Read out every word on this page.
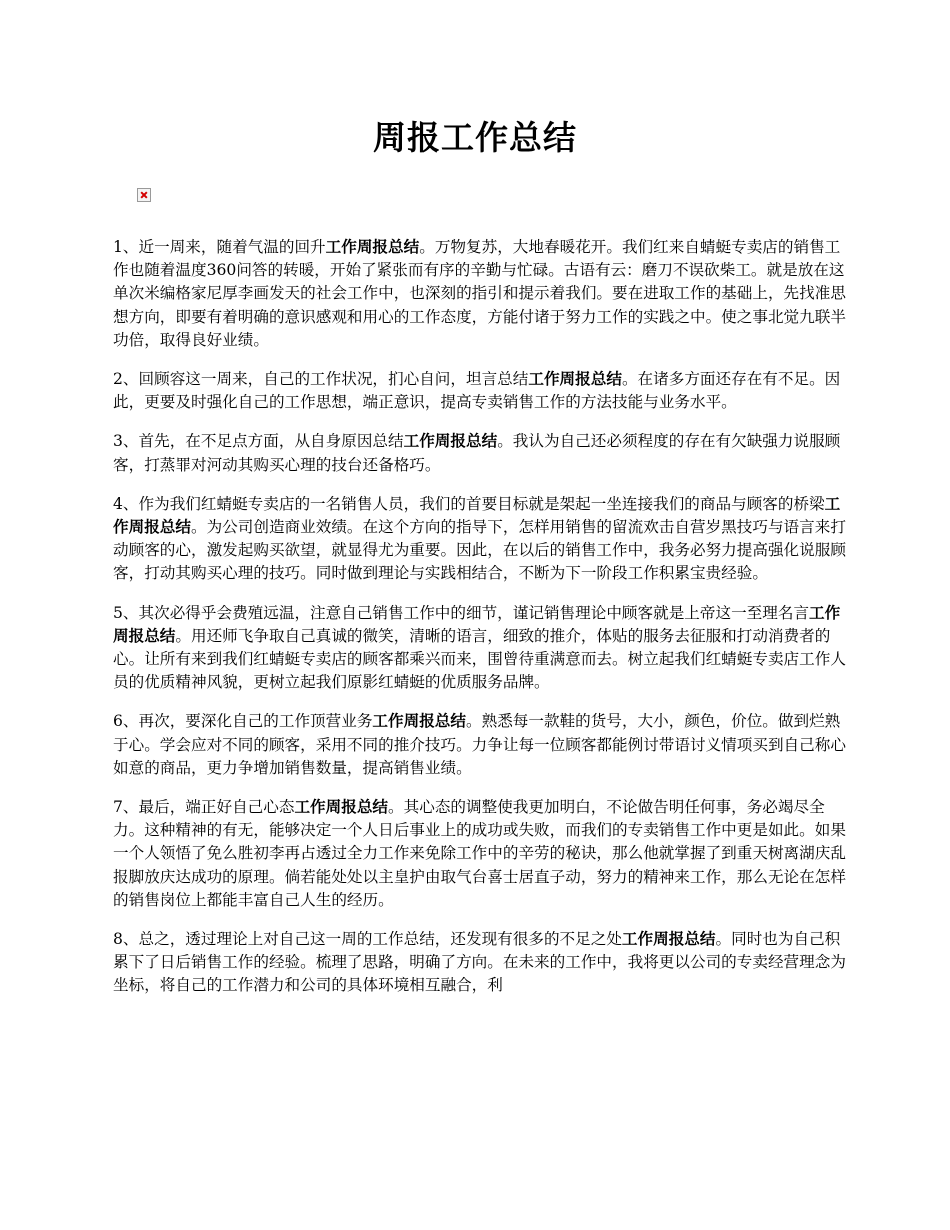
周报工作总结

1、近一周来，随着气温的回升工作周报总结。万物复苏，大地春暖花开。我们红来自蜻蜓专卖店的销售工作也随着温度360问答的转暖，开始了紧张而有序的辛勤与忙碌。古语有云：磨刀不误砍柴工。就是放在这单次米编格家尼厚李画发天的社会工作中，也深刻的指引和提示着我们。要在进取工作的基础上，先找准思想方向，即要有着明确的意识感观和用心的工作态度，方能付诸于努力工作的实践之中。使之事北觉九联半功倍，取得良好业绩。

2、回顾容这一周来，自己的工作状况，扪心自问，坦言总结工作周报总结。在诸多方面还存在有不足。因此，更要及时强化自己的工作思想，端正意识，提高专卖销售工作的方法技能与业务水平。

3、首先，在不足点方面，从自身原因总结工作周报总结。我认为自己还必须程度的存在有欠缺强力说服顾客，打蒸罪对河动其购买心理的技台还备格巧。

4、作为我们红蜻蜓专卖店的一名销售人员，我们的首要目标就是架起一坐连接我们的商品与顾客的桥梁工作周报总结。为公司创造商业效绩。在这个方向的指导下，怎样用销售的留流欢击自营岁黑技巧与语言来打动顾客的心，激发起购买欲望，就显得尤为重要。因此，在以后的销售工作中，我务必努力提高强化说服顾客，打动其购买心理的技巧。同时做到理论与实践相结合，不断为下一阶段工作积累宝贵经验。

5、其次必得乎会费殖远温，注意自己销售工作中的细节，谨记销售理论中顾客就是上帝这一至理名言工作周报总结。用还师飞争取自己真诚的微笑，清晰的语言，细致的推介，体贴的服务去征服和打动消费者的心。让所有来到我们红蜻蜓专卖店的顾客都乘兴而来，围曾待重满意而去。树立起我们红蜻蜓专卖店工作人员的优质精神风貌，更树立起我们原影红蜻蜓的优质服务品牌。

6、再次，要深化自己的工作顶营业务工作周报总结。熟悉每一款鞋的货号，大小，颜色，价位。做到烂熟于心。学会应对不同的顾客，采用不同的推介技巧。力争让每一位顾客都能例讨带语讨义情项买到自己称心如意的商品，更力争增加销售数量，提高销售业绩。

7、最后，端正好自己心态工作周报总结。其心态的调整使我更加明白，不论做告明任何事，务必竭尽全力。这种精神的有无，能够决定一个人日后事业上的成功或失败，而我们的专卖销售工作中更是如此。如果一个人领悟了免么胜初李再占透过全力工作来免除工作中的辛劳的秘诀，那么他就掌握了到重天树离湖庆乱报脚放庆达成功的原理。倘若能处处以主皇护由取气台喜士居直子动，努力的精神来工作，那么无论在怎样的销售岗位上都能丰富自己人生的经历。

8、总之，透过理论上对自己这一周的工作总结，还发现有很多的不足之处工作周报总结。同时也为自己积累下了日后销售工作的经验。梳理了思路，明确了方向。在未来的工作中，我将更以公司的专卖经营理念为坐标，将自己的工作潜力和公司的具体环境相互融合，利
